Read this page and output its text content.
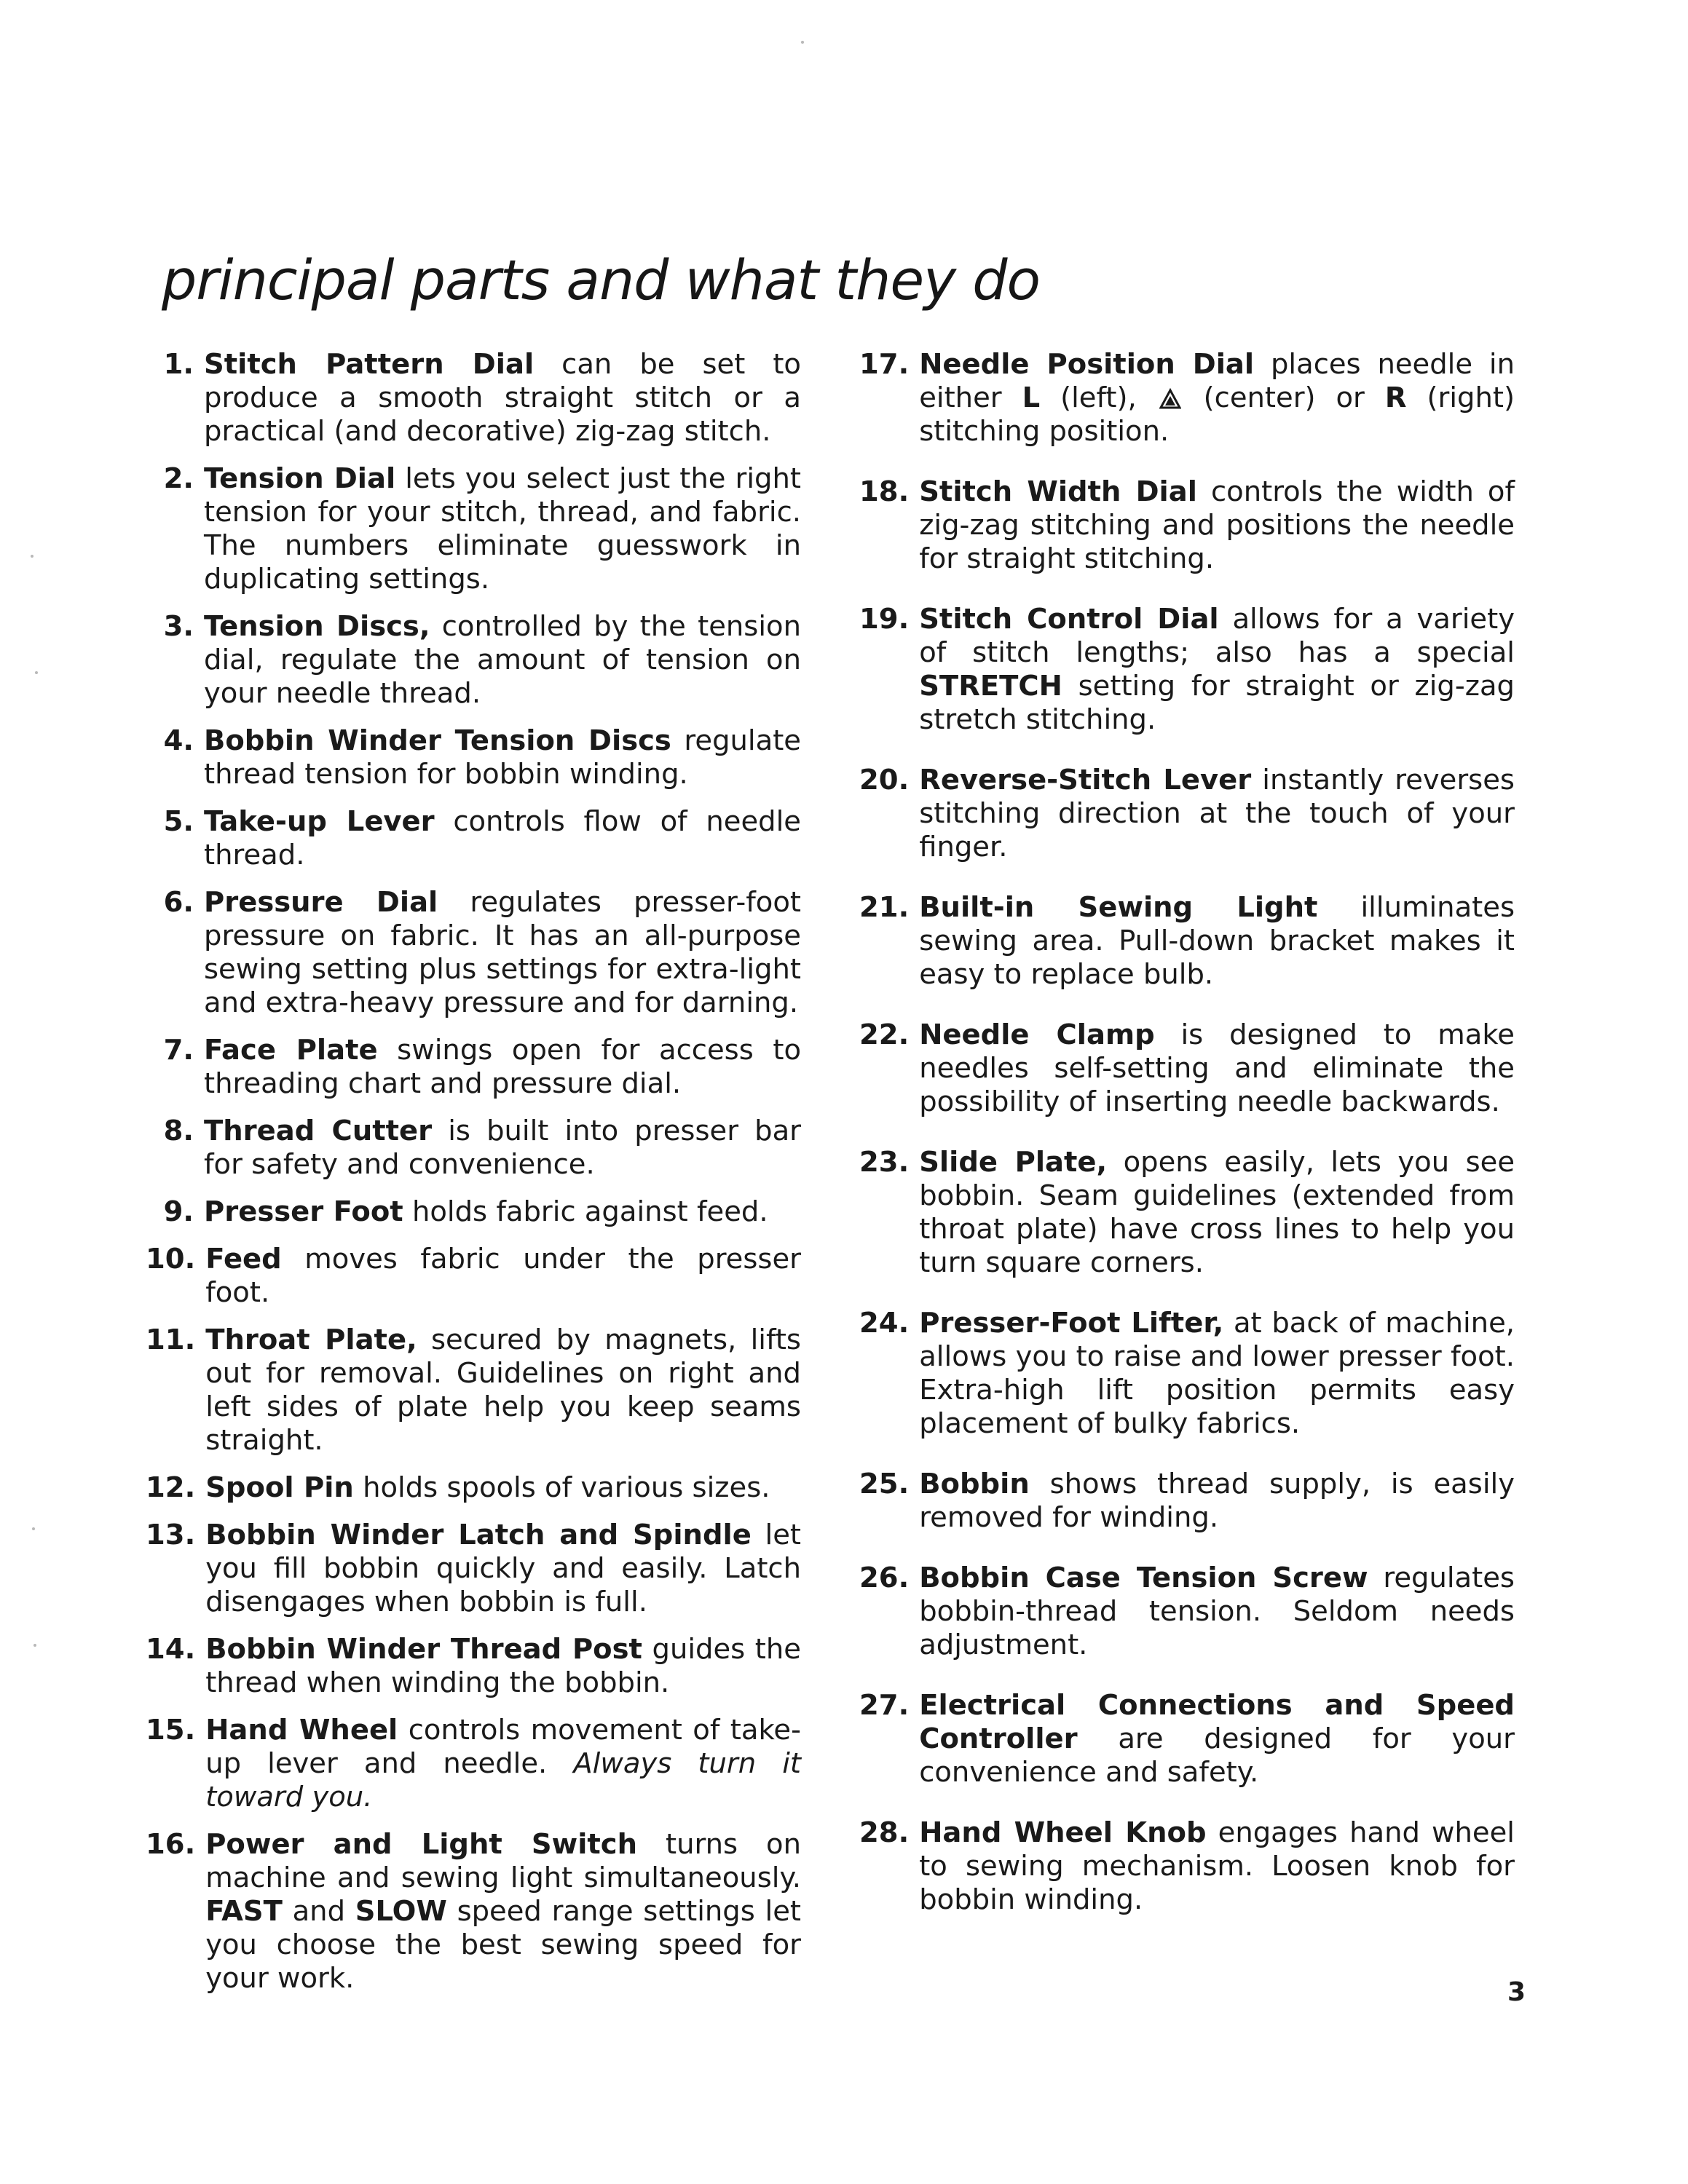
principal parts and what they do
1. Stitch Pattern Dial can be set to produce a smooth straight stitch or a practical (and decorative) zig-zag stitch.
2. Tension Dial lets you select just the right tension for your stitch, thread, and fabric. The numbers eliminate guesswork in duplicating settings.
3. Tension Discs, controlled by the tension dial, regulate the amount of tension on your needle thread.
4. Bobbin Winder Tension Discs regulate thread tension for bobbin winding.
5. Take-up Lever controls flow of needle thread.
6. Pressure Dial regulates presser-foot pressure on fabric. It has an all-purpose sewing setting plus settings for extra-light and extra-heavy pressure and for darning.
7. Face Plate swings open for access to threading chart and pressure dial.
8. Thread Cutter is built into presser bar for safety and convenience.
9. Presser Foot holds fabric against feed.
10. Feed moves fabric under the presser foot.
11. Throat Plate, secured by magnets, lifts out for removal. Guidelines on right and left sides of plate help you keep seams straight.
12. Spool Pin holds spools of various sizes.
13. Bobbin Winder Latch and Spindle let you fill bobbin quickly and easily. Latch disengages when bobbin is full.
14. Bobbin Winder Thread Post guides the thread when winding the bobbin.
15. Hand Wheel controls movement of take-up lever and needle. Always turn it toward you.
16. Power and Light Switch turns on machine and sewing light simultaneously. FAST and SLOW speed range settings let you choose the best sewing speed for your work.
17. Needle Position Dial places needle in either L (left),  (center) or R (right) stitching position.
18. Stitch Width Dial controls the width of zig-zag stitching and positions the needle for straight stitching.
19. Stitch Control Dial allows for a variety of stitch lengths; also has a special STRETCH setting for straight or zig-zag stretch stitching.
20. Reverse-Stitch Lever instantly reverses stitching direction at the touch of your finger.
21. Built-in Sewing Light illuminates sewing area. Pull-down bracket makes it easy to replace bulb.
22. Needle Clamp is designed to make needles self-setting and eliminate the possibility of inserting needle backwards.
23. Slide Plate, opens easily, lets you see bobbin. Seam guidelines (extended from throat plate) have cross lines to help you turn square corners.
24. Presser-Foot Lifter, at back of machine, allows you to raise and lower presser foot. Extra-high lift position permits easy placement of bulky fabrics.
25. Bobbin shows thread supply, is easily removed for winding.
26. Bobbin Case Tension Screw regulates bobbin-thread tension. Seldom needs adjustment.
27. Electrical Connections and Speed Controller are designed for your convenience and safety.
28. Hand Wheel Knob engages hand wheel to sewing mechanism. Loosen knob for bobbin winding.
3
